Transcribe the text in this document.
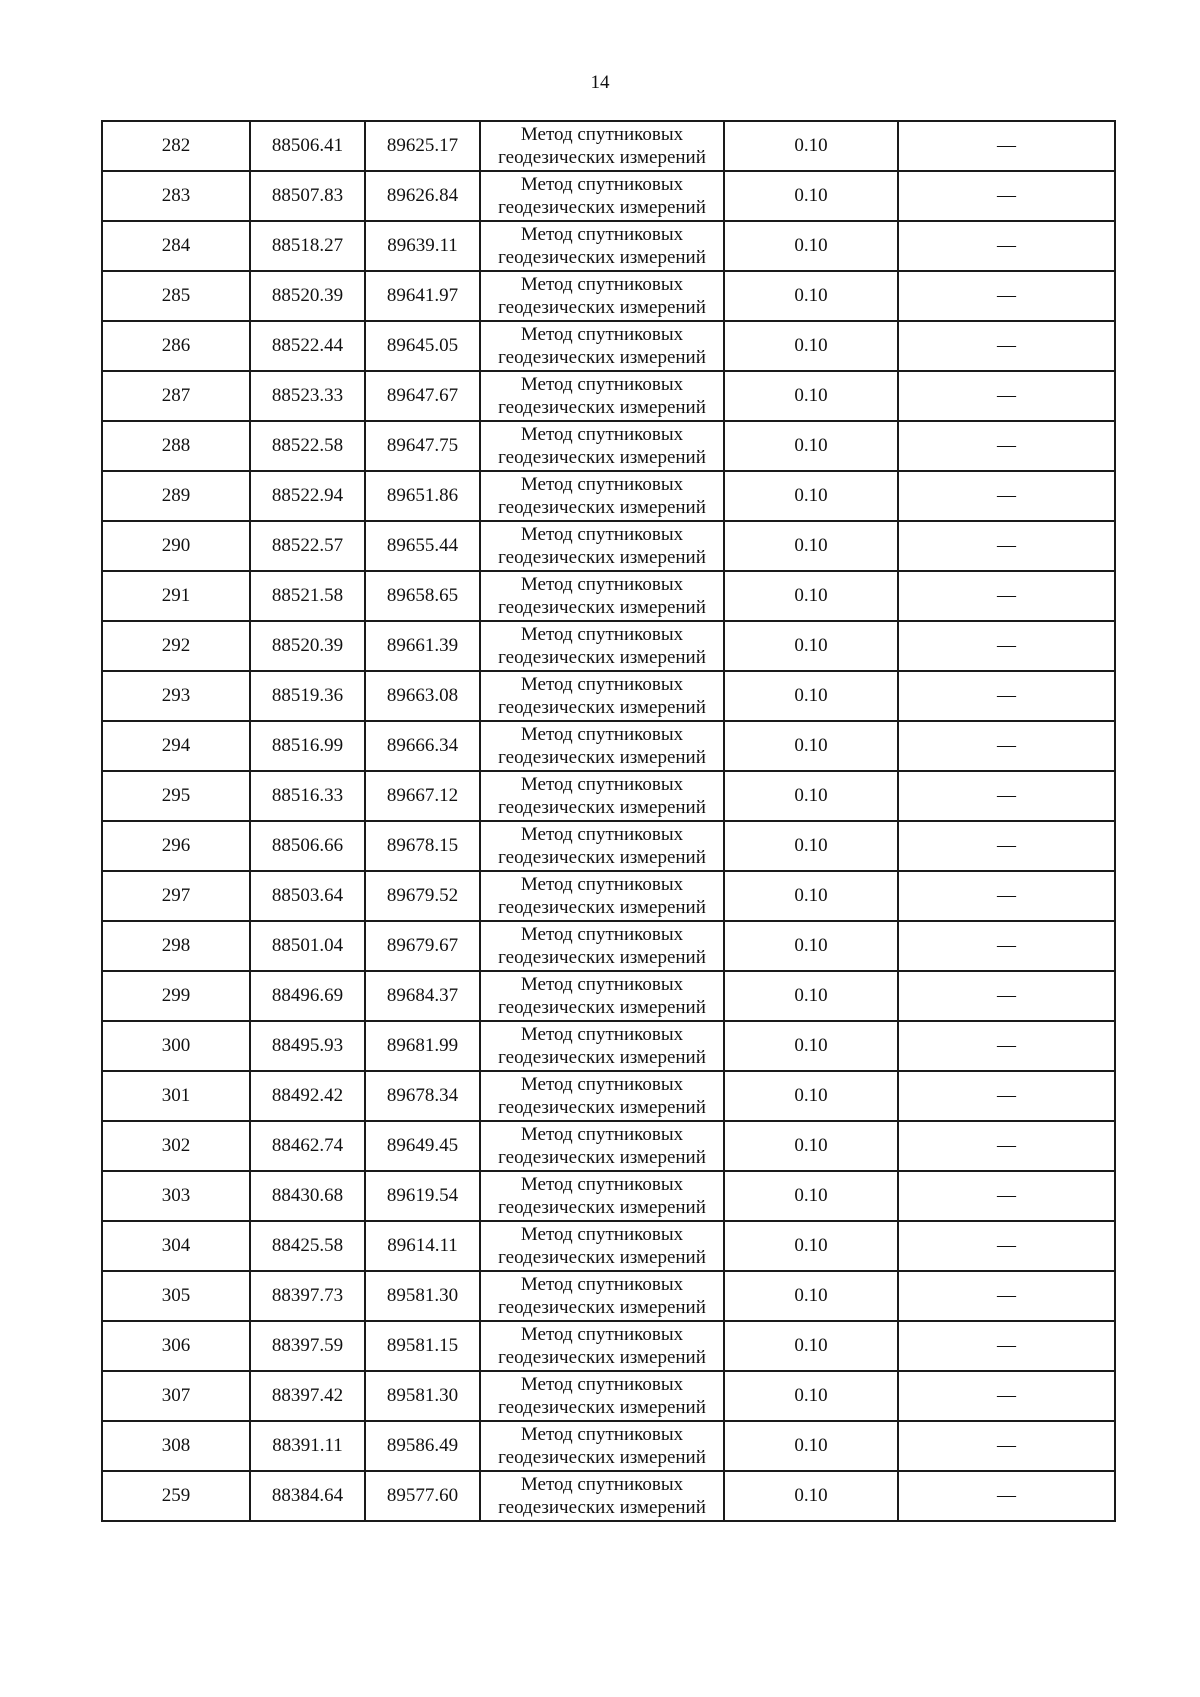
14
282	88506.41	89625.17	Метод спутниковых
геодезических измерений	0.10	—
283	88507.83	89626.84	Метод спутниковых
геодезических измерений	0.10	—
284	88518.27	89639.11	Метод спутниковых
геодезических измерений	0.10	—
285	88520.39	89641.97	Метод спутниковых
геодезических измерений	0.10	—
286	88522.44	89645.05	Метод спутниковых
геодезических измерений	0.10	—
287	88523.33	89647.67	Метод спутниковых
геодезических измерений	0.10	—
288	88522.58	89647.75	Метод спутниковых
геодезических измерений	0.10	—
289	88522.94	89651.86	Метод спутниковых
геодезических измерений	0.10	—
290	88522.57	89655.44	Метод спутниковых
геодезических измерений	0.10	—
291	88521.58	89658.65	Метод спутниковых
геодезических измерений	0.10	—
292	88520.39	89661.39	Метод спутниковых
геодезических измерений	0.10	—
293	88519.36	89663.08	Метод спутниковых
геодезических измерений	0.10	—
294	88516.99	89666.34	Метод спутниковых
геодезических измерений	0.10	—
295	88516.33	89667.12	Метод спутниковых
геодезических измерений	0.10	—
296	88506.66	89678.15	Метод спутниковых
геодезических измерений	0.10	—
297	88503.64	89679.52	Метод спутниковых
геодезических измерений	0.10	—
298	88501.04	89679.67	Метод спутниковых
геодезических измерений	0.10	—
299	88496.69	89684.37	Метод спутниковых
геодезических измерений	0.10	—
300	88495.93	89681.99	Метод спутниковых
геодезических измерений	0.10	—
301	88492.42	89678.34	Метод спутниковых
геодезических измерений	0.10	—
302	88462.74	89649.45	Метод спутниковых
геодезических измерений	0.10	—
303	88430.68	89619.54	Метод спутниковых
геодезических измерений	0.10	—
304	88425.58	89614.11	Метод спутниковых
геодезических измерений	0.10	—
305	88397.73	89581.30	Метод спутниковых
геодезических измерений	0.10	—
306	88397.59	89581.15	Метод спутниковых
геодезических измерений	0.10	—
307	88397.42	89581.30	Метод спутниковых
геодезических измерений	0.10	—
308	88391.11	89586.49	Метод спутниковых
геодезических измерений	0.10	—
259	88384.64	89577.60	Метод спутниковых
геодезических измерений	0.10	—
